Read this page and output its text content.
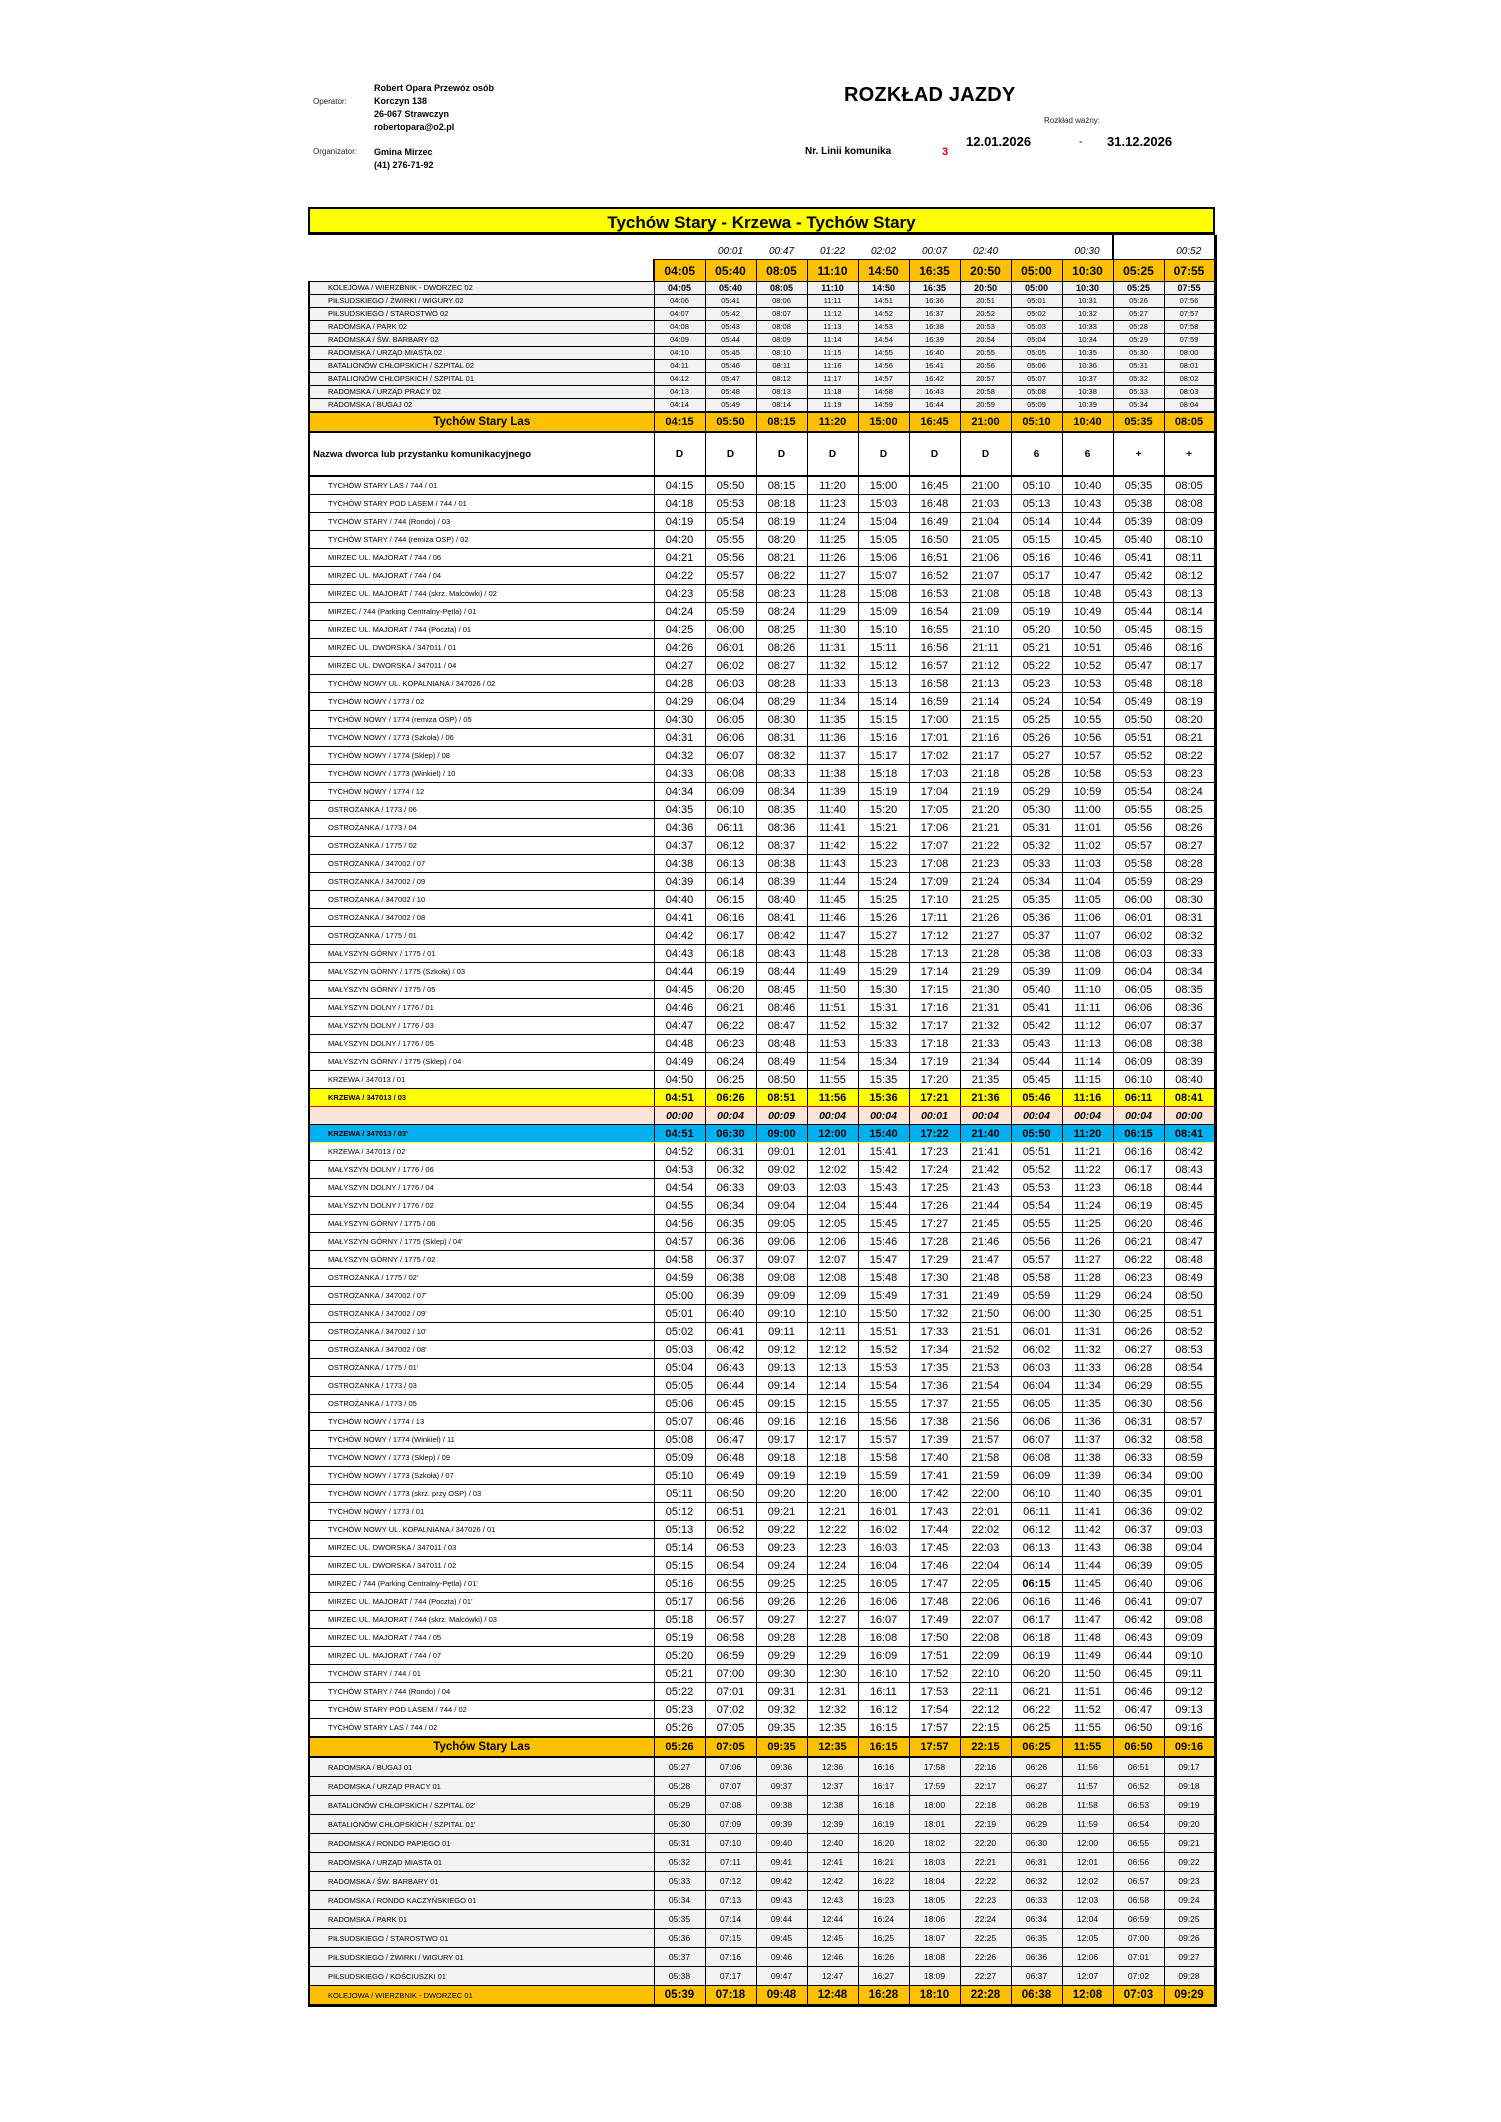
Operator:
Robert Opara Przewóz osób
Korczyn 138
26-067 Strawczyn
robertopara@o2.pl
Organizator: Gmina Mirzec
(41) 276-71-92
ROZKŁAD JAZDY
Rozkład ważny:
Nr. Linii komunika	3
12.01.2026	- 31.12.2026
Tychów Stary - Krzewa - Tychów Stary
		00:01	00:47	01:22	02:02	00:07	02:40		00:30		00:52
	04:05	05:40	08:05	11:10	14:50	16:35	20:50	05:00	10:30	05:25	07:55
KOLEJOWA / WIERZBNIK - DWORZEC 02	04:05	05:40	08:05	11:10	14:50	16:35	20:50	05:00	10:30	05:25	07:55
PIŁSUDSKIEGO / ŻWIRKI / WIGURY 02	04:06	05:41	08:06	11:11	14:51	16:36	20:51	05:01	10:31	05:26	07:56
PIŁSUDSKIEGO / STAROSTWO 02	04:07	05:42	08:07	11:12	14:52	16:37	20:52	05:02	10:32	05:27	07:57
RADOMSKA / PARK 02	04:08	05:43	08:08	11:13	14:53	16:38	20:53	05:03	10:33	05:28	07:58
RADOMSKA / ŚW. BARBARY 02	04:09	05:44	08:09	11:14	14:54	16:39	20:54	05:04	10:34	05:29	07:59
RADOMSKA / URZĄD MIASTA 02	04:10	05:45	08:10	11:15	14:55	16:40	20:55	05:05	10:35	05:30	08:00
BATALIONÓW CHŁOPSKICH / SZPITAL 02	04:11	05:46	08:11	11:16	14:56	16:41	20:56	05:06	10:36	05:31	08:01
BATALIONÓW CHŁOPSKICH / SZPITAL 01	04:12	05:47	08:12	11:17	14:57	16:42	20:57	05:07	10:37	05:32	08:02
RADOMSKA / URZĄD PRACY 02	04:13	05:48	08:13	11:18	14:58	16:43	20:58	05:08	10:38	05:33	08:03
RADOMSKA / BUGAJ 02	04:14	05:49	08:14	11:19	14:59	16:44	20:59	05:09	10:39	05:34	08:04
Tychów Stary Las	04:15	05:50	08:15	11:20	15:00	16:45	21:00	05:10	10:40	05:35	08:05
Nazwa dworca lub przystanku komunikacyjnego	D	D	D	D	D	D	D	6	6	+	+
TYCHÓW STARY LAS / 744 / 01	04:15	05:50	08:15	11:20	15:00	16:45	21:00	05:10	10:40	05:35	08:05
TYCHÓW STARY POD LASEM / 744 / 01	04:18	05:53	08:18	11:23	15:03	16:48	21:03	05:13	10:43	05:38	08:08
TYCHÓW STARY / 744 (Rondo) / 03	04:19	05:54	08:19	11:24	15:04	16:49	21:04	05:14	10:44	05:39	08:09
TYCHÓW STARY / 744 (remiza OSP) / 02	04:20	05:55	08:20	11:25	15:05	16:50	21:05	05:15	10:45	05:40	08:10
MIRZEC UL. MAJORAT / 744 / 06	04:21	05:56	08:21	11:26	15:06	16:51	21:06	05:16	10:46	05:41	08:11
MIRZEC UL. MAJORAT / 744 / 04	04:22	05:57	08:22	11:27	15:07	16:52	21:07	05:17	10:47	05:42	08:12
MIRZEC UL. MAJORAT / 744 (skrz. Malcówki) / 02	04:23	05:58	08:23	11:28	15:08	16:53	21:08	05:18	10:48	05:43	08:13
MIRZEC / 744 (Parking Centralny-Pętla) / 01	04:24	05:59	08:24	11:29	15:09	16:54	21:09	05:19	10:49	05:44	08:14
MIRZEC UL. MAJORAT / 744 (Poczta) / 01	04:25	06:00	08:25	11:30	15:10	16:55	21:10	05:20	10:50	05:45	08:15
MIRZEC UL. DWORSKA / 347011 / 01	04:26	06:01	08:26	11:31	15:11	16:56	21:11	05:21	10:51	05:46	08:16
MIRZEC UL. DWORSKA / 347011 / 04	04:27	06:02	08:27	11:32	15:12	16:57	21:12	05:22	10:52	05:47	08:17
TYCHÓW NOWY UL. KOPALNIANA / 347026 / 02	04:28	06:03	08:28	11:33	15:13	16:58	21:13	05:23	10:53	05:48	08:18
TYCHÓW NOWY / 1773 / 02	04:29	06:04	08:29	11:34	15:14	16:59	21:14	05:24	10:54	05:49	08:19
TYCHÓW NOWY / 1774 (remiza OSP) / 05	04:30	06:05	08:30	11:35	15:15	17:00	21:15	05:25	10:55	05:50	08:20
TYCHÓW NOWY / 1773 (Szkoła) / 06	04:31	06:06	08:31	11:36	15:16	17:01	21:16	05:26	10:56	05:51	08:21
TYCHÓW NOWY / 1774 (Sklep) / 08	04:32	06:07	08:32	11:37	15:17	17:02	21:17	05:27	10:57	05:52	08:22
TYCHÓW NOWY / 1773 (Winkiel) / 10	04:33	06:08	08:33	11:38	15:18	17:03	21:18	05:28	10:58	05:53	08:23
TYCHÓW NOWY / 1774 / 12	04:34	06:09	08:34	11:39	15:19	17:04	21:19	05:29	10:59	05:54	08:24
OSTROŻANKA / 1773 / 06	04:35	06:10	08:35	11:40	15:20	17:05	21:20	05:30	11:00	05:55	08:25
OSTROŻANKA / 1773 / 04	04:36	06:11	08:36	11:41	15:21	17:06	21:21	05:31	11:01	05:56	08:26
OSTROŻANKA / 1775 / 02	04:37	06:12	08:37	11:42	15:22	17:07	21:22	05:32	11:02	05:57	08:27
OSTROŻANKA / 347002 / 07	04:38	06:13	08:38	11:43	15:23	17:08	21:23	05:33	11:03	05:58	08:28
OSTROŻANKA / 347002 / 09	04:39	06:14	08:39	11:44	15:24	17:09	21:24	05:34	11:04	05:59	08:29
OSTROŻANKA / 347002 / 10	04:40	06:15	08:40	11:45	15:25	17:10	21:25	05:35	11:05	06:00	08:30
OSTROŻANKA / 347002 / 08	04:41	06:16	08:41	11:46	15:26	17:11	21:26	05:36	11:06	06:01	08:31
OSTROŻANKA / 1775 / 01	04:42	06:17	08:42	11:47	15:27	17:12	21:27	05:37	11:07	06:02	08:32
MAŁYSZYN GÓRNY / 1775 / 01	04:43	06:18	08:43	11:48	15:28	17:13	21:28	05:38	11:08	06:03	08:33
MAŁYSZYN GÓRNY / 1775 (Szkoła) / 03	04:44	06:19	08:44	11:49	15:29	17:14	21:29	05:39	11:09	06:04	08:34
MAŁYSZYN GÓRNY / 1775 / 05	04:45	06:20	08:45	11:50	15:30	17:15	21:30	05:40	11:10	06:05	08:35
MAŁYSZYN DOLNY / 1776 / 01	04:46	06:21	08:46	11:51	15:31	17:16	21:31	05:41	11:11	06:06	08:36
MAŁYSZYN DOLNY / 1776 / 03	04:47	06:22	08:47	11:52	15:32	17:17	21:32	05:42	11:12	06:07	08:37
MAŁYSZYN DOLNY / 1776 / 05	04:48	06:23	08:48	11:53	15:33	17:18	21:33	05:43	11:13	06:08	08:38
MAŁYSZYN GÓRNY / 1775 (Sklep) / 04	04:49	06:24	08:49	11:54	15:34	17:19	21:34	05:44	11:14	06:09	08:39
KRZEWA / 347013 / 01	04:50	06:25	08:50	11:55	15:35	17:20	21:35	05:45	11:15	06:10	08:40
KRZEWA / 347013 / 03	04:51	06:26	08:51	11:56	15:36	17:21	21:36	05:46	11:16	06:11	08:41
	00:00	00:04	00:09	00:04	00:04	00:01	00:04	00:04	00:04	00:04	00:00
KRZEWA / 347013 / 03'	04:51	06:30	09:00	12:00	15:40	17:22	21:40	05:50	11:20	06:15	08:41
KRZEWA / 347013 / 02	04:52	06:31	09:01	12:01	15:41	17:23	21:41	05:51	11:21	06:16	08:42
MAŁYSZYN DOLNY / 1776 / 06	04:53	06:32	09:02	12:02	15:42	17:24	21:42	05:52	11:22	06:17	08:43
MAŁYSZYN DOLNY / 1776 / 04	04:54	06:33	09:03	12:03	15:43	17:25	21:43	05:53	11:23	06:18	08:44
MAŁYSZYN DOLNY / 1776 / 02	04:55	06:34	09:04	12:04	15:44	17:26	21:44	05:54	11:24	06:19	08:45
MAŁYSZYN GÓRNY / 1775 / 06	04:56	06:35	09:05	12:05	15:45	17:27	21:45	05:55	11:25	06:20	08:46
MAŁYSZYN GÓRNY / 1775 (Sklep) / 04'	04:57	06:36	09:06	12:06	15:46	17:28	21:46	05:56	11:26	06:21	08:47
MAŁYSZYN GÓRNY / 1775 / 02	04:58	06:37	09:07	12:07	15:47	17:29	21:47	05:57	11:27	06:22	08:48
OSTROŻANKA / 1775 / 02'	04:59	06:38	09:08	12:08	15:48	17:30	21:48	05:58	11:28	06:23	08:49
OSTROŻANKA / 347002 / 07'	05:00	06:39	09:09	12:09	15:49	17:31	21:49	05:59	11:29	06:24	08:50
OSTROŻANKA / 347002 / 09'	05:01	06:40	09:10	12:10	15:50	17:32	21:50	06:00	11:30	06:25	08:51
OSTROŻANKA / 347002 / 10'	05:02	06:41	09:11	12:11	15:51	17:33	21:51	06:01	11:31	06:26	08:52
OSTROŻANKA / 347002 / 08'	05:03	06:42	09:12	12:12	15:52	17:34	21:52	06:02	11:32	06:27	08:53
OSTROŻANKA / 1775 / 01'	05:04	06:43	09:13	12:13	15:53	17:35	21:53	06:03	11:33	06:28	08:54
OSTROŻANKA / 1773 / 03	05:05	06:44	09:14	12:14	15:54	17:36	21:54	06:04	11:34	06:29	08:55
OSTROŻANKA / 1773 / 05	05:06	06:45	09:15	12:15	15:55	17:37	21:55	06:05	11:35	06:30	08:56
TYCHÓW NOWY / 1774 / 13	05:07	06:46	09:16	12:16	15:56	17:38	21:56	06:06	11:36	06:31	08:57
TYCHÓW NOWY / 1774 (Winkiel) / 11	05:08	06:47	09:17	12:17	15:57	17:39	21:57	06:07	11:37	06:32	08:58
TYCHÓW NOWY / 1773 (Sklep) / 09	05:09	06:48	09:18	12:18	15:58	17:40	21:58	06:08	11:38	06:33	08:59
TYCHÓW NOWY / 1773 (Szkoła) / 07	05:10	06:49	09:19	12:19	15:59	17:41	21:59	06:09	11:39	06:34	09:00
TYCHÓW NOWY / 1773 (skrz. przy OSP) / 03	05:11	06:50	09:20	12:20	16:00	17:42	22:00	06:10	11:40	06:35	09:01
TYCHÓW NOWY / 1773 / 01	05:12	06:51	09:21	12:21	16:01	17:43	22:01	06:11	11:41	06:36	09:02
TYCHÓW NOWY UL. KOPALNIANA / 347026 / 01	05:13	06:52	09:22	12:22	16:02	17:44	22:02	06:12	11:42	06:37	09:03
MIRZEC UL. DWORSKA / 347011 / 03	05:14	06:53	09:23	12:23	16:03	17:45	22:03	06:13	11:43	06:38	09:04
MIRZEC UL. DWORSKA / 347011 / 02	05:15	06:54	09:24	12:24	16:04	17:46	22:04	06:14	11:44	06:39	09:05
MIRZEC / 744 (Parking Centralny-Pętla) / 01'	05:16	06:55	09:25	12:25	16:05	17:47	22:05	06:15	11:45	06:40	09:06
MIRZEC UL. MAJORAT / 744 (Poczta) / 01'	05:17	06:56	09:26	12:26	16:06	17:48	22:06	06:16	11:46	06:41	09:07
MIRZEC UL. MAJORAT / 744 (skrz. Malcówki) / 03	05:18	06:57	09:27	12:27	16:07	17:49	22:07	06:17	11:47	06:42	09:08
MIRZEC UL. MAJORAT / 744 / 05	05:19	06:58	09:28	12:28	16:08	17:50	22:08	06:18	11:48	06:43	09:09
MIRZEC UL. MAJORAT / 744 / 07	05:20	06:59	09:29	12:29	16:09	17:51	22:09	06:19	11:49	06:44	09:10
TYCHÓW STARY / 744 / 01	05:21	07:00	09:30	12:30	16:10	17:52	22:10	06:20	11:50	06:45	09:11
TYCHÓW STARY / 744 (Rondo) / 04	05:22	07:01	09:31	12:31	16:11	17:53	22:11	06:21	11:51	06:46	09:12
TYCHÓW STARY POD LASEM / 744 / 02	05:23	07:02	09:32	12:32	16:12	17:54	22:12	06:22	11:52	06:47	09:13
TYCHÓW STARY LAS / 744 / 02	05:26	07:05	09:35	12:35	16:15	17:57	22:15	06:25	11:55	06:50	09:16
Tychów Stary Las	05:26	07:05	09:35	12:35	16:15	17:57	22:15	06:25	11:55	06:50	09:16
RADOMSKA / BUGAJ 01	05:27	07:06	09:36	12:36	16:16	17:58	22:16	06:26	11:56	06:51	09:17
RADOMSKA / URZĄD PRACY 01	05:28	07:07	09:37	12:37	16:17	17:59	22:17	06:27	11:57	06:52	09:18
BATALIONÓW CHŁOPSKICH / SZPITAL 02'	05:29	07:08	09:38	12:38	16:18	18:00	22:18	06:28	11:58	06:53	09:19
BATALIONÓW CHŁOPSKICH / SZPITAL 01'	05:30	07:09	09:39	12:39	16:19	18:01	22:19	06:29	11:59	06:54	09:20
RADOMSKA / RONDO PAPIEGO 01	05:31	07:10	09:40	12:40	16:20	18:02	22:20	06:30	12:00	06:55	09:21
RADOMSKA / URZĄD MIASTA 01	05:32	07:11	09:41	12:41	16:21	18:03	22:21	06:31	12:01	06:56	09:22
RADOMSKA / ŚW. BARBARY 01	05:33	07:12	09:42	12:42	16:22	18:04	22:22	06:32	12:02	06:57	09:23
RADOMSKA / RONDO KACZYŃSKIEGO 01	05:34	07:13	09:43	12:43	16:23	18:05	22:23	06:33	12:03	06:58	09:24
RADOMSKA / PARK 01	05:35	07:14	09:44	12:44	16:24	18:06	22:24	06:34	12:04	06:59	09:25
PIŁSUDSKIEGO / STAROSTWO 01	05:36	07:15	09:45	12:45	16:25	18:07	22:25	06:35	12:05	07:00	09:26
PIŁSUDSKIEGO / ŻWIRKI / WIGURY 01	05:37	07:16	09:46	12:46	16:26	18:08	22:26	06:36	12:06	07:01	09:27
PIŁSUDSKIEGO / KOŚCIUSZKI 01	05:38	07:17	09:47	12:47	16:27	18:09	22:27	06:37	12:07	07:02	09:28
KOLEJOWA / WIERZBNIK - DWORZEC 01	05:39	07:18	09:48	12:48	16:28	18:10	22:28	06:38	12:08	07:03	09:29
